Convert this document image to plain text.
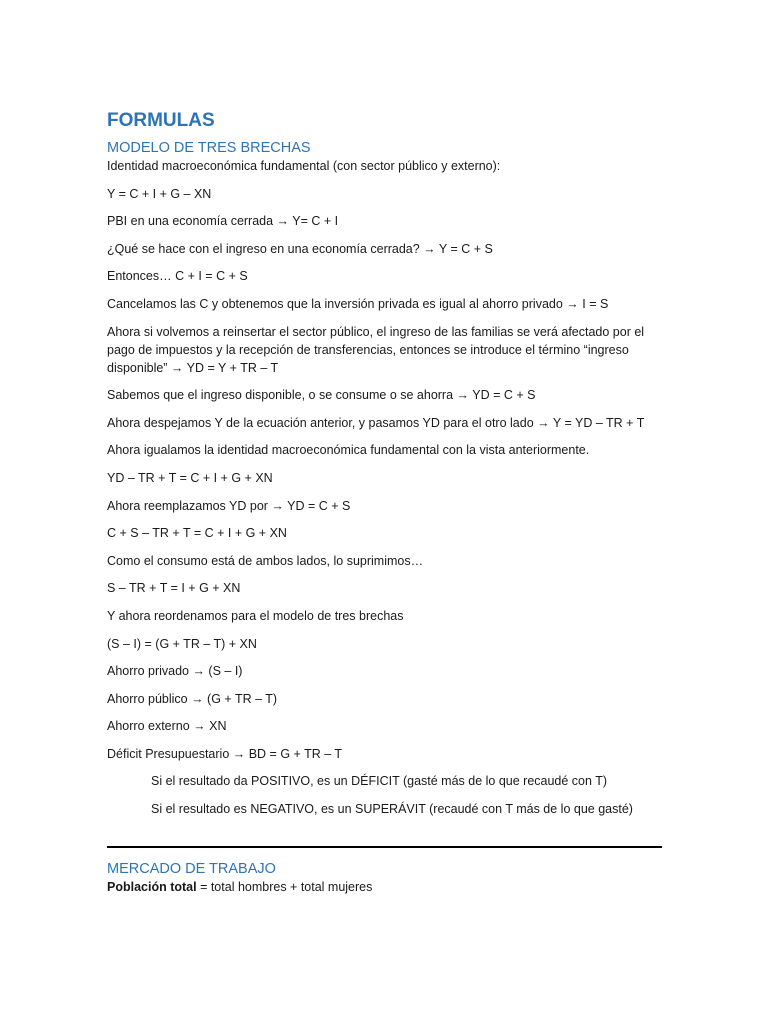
FORMULAS
MODELO DE TRES BRECHAS
Identidad macroeconómica fundamental (con sector público y externo):
Y = C + I + G – XN
PBI en una economía cerrada → Y= C + I
¿Qué se hace con el ingreso en una economía cerrada? → Y = C + S
Entonces… C + I = C + S
Cancelamos las C y obtenemos que la inversión privada es igual al ahorro privado → I = S
Ahora si volvemos a reinsertar el sector público, el ingreso de las familias se verá afectado por el pago de impuestos y la recepción de transferencias, entonces se introduce el término “ingreso disponible” → YD = Y + TR – T
Sabemos que el ingreso disponible, o se consume o se ahorra → YD = C + S
Ahora despejamos Y de la ecuación anterior, y pasamos YD para el otro lado → Y = YD – TR + T
Ahora igualamos la identidad macroeconómica fundamental con la vista anteriormente.
YD – TR + T = C + I + G + XN
Ahora reemplazamos YD por → YD = C + S
C + S – TR + T = C + I + G + XN
Como el consumo está de ambos lados, lo suprimimos…
S – TR + T = I + G + XN
Y ahora reordenamos para el modelo de tres brechas
(S – I) = (G + TR – T) + XN
Ahorro privado → (S – I)
Ahorro público → (G + TR – T)
Ahorro externo → XN
Déficit Presupuestario → BD = G + TR – T
Si el resultado da POSITIVO, es un DÉFICIT (gasté más de lo que recaudé con T)
Si el resultado es NEGATIVO, es un SUPERÁVIT (recaudé con T más de lo que gasté)
MERCADO DE TRABAJO
Población total = total hombres + total mujeres
